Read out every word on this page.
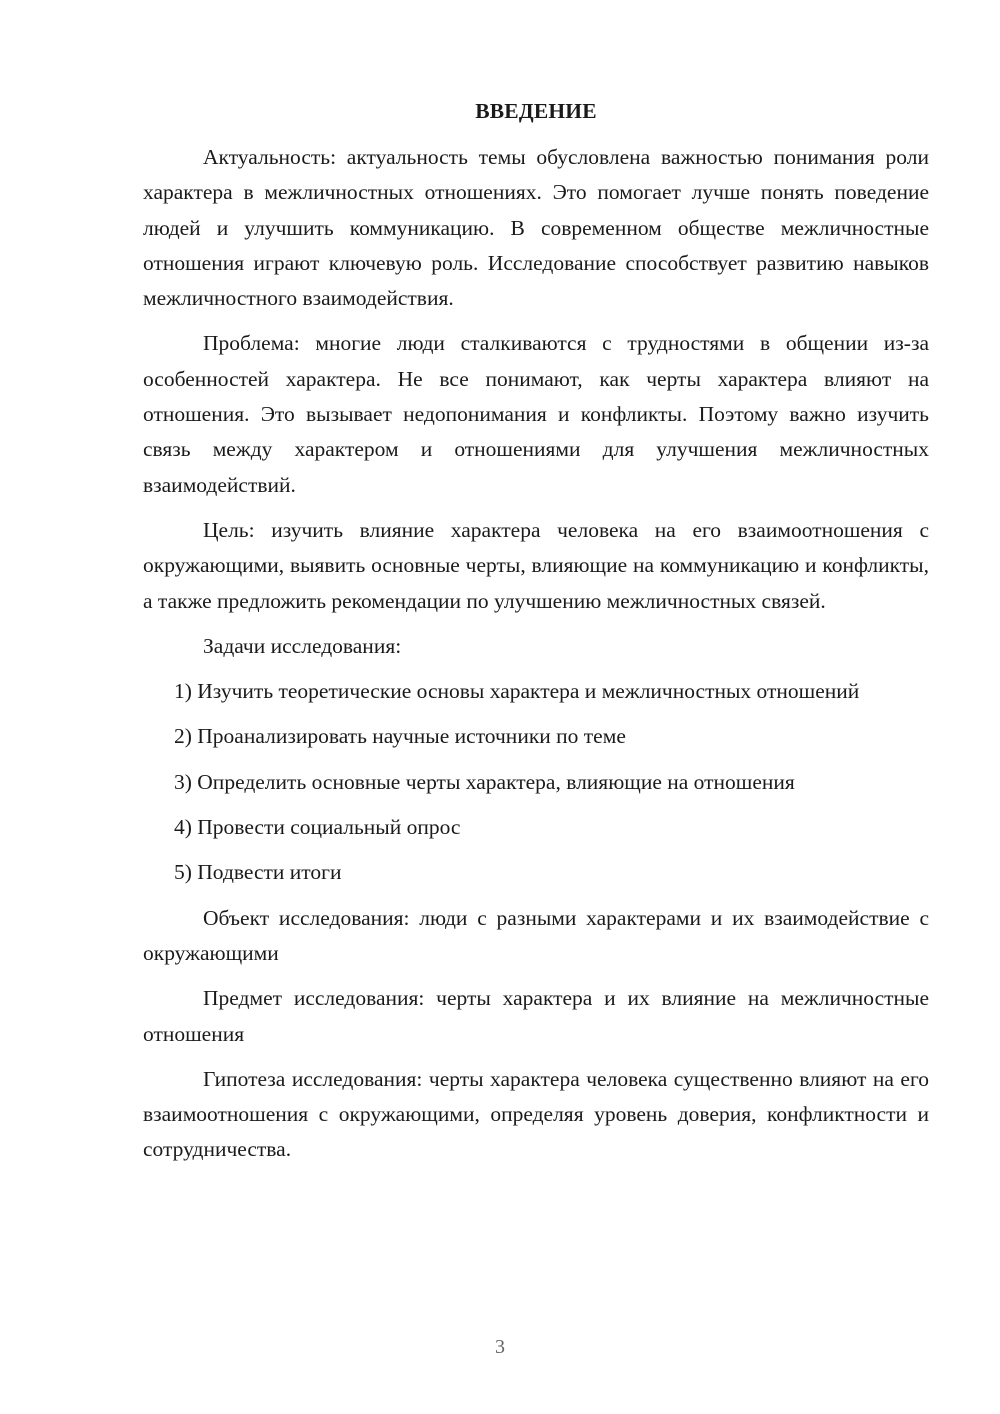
ВВЕДЕНИЕ

Актуальность: актуальность темы обусловлена важностью понимания роли характера в межличностных отношениях. Это помогает лучше понять поведение людей и улучшить коммуникацию. В современном обществе межличностные отношения играют ключевую роль. Исследование способствует развитию навыков межличностного взаимодействия.

Проблема: многие люди сталкиваются с трудностями в общении из-за особенностей характера. Не все понимают, как черты характера влияют на отношения. Это вызывает недопонимания и конфликты. Поэтому важно изучить связь между характером и отношениями для улучшения межличностных взаимодействий.

Цель: изучить влияние характера человека на его взаимоотношения с окружающими, выявить основные черты, влияющие на коммуникацию и конфликты, а также предложить рекомендации по улучшению межличностных связей.

Задачи исследования:

1) Изучить теоретические основы характера и межличностных отношений

2) Проанализировать научные источники по теме

3) Определить основные черты характера, влияющие на отношения

4) Провести социальный опрос

5) Подвести итоги

Объект исследования: люди с разными характерами и их взаимодействие с окружающими

Предмет исследования: черты характера и их влияние на межличностные отношения

Гипотеза исследования: черты характера человека существенно влияют на его взаимоотношения с окружающими, определяя уровень доверия, конфликтности и сотрудничества.

3
